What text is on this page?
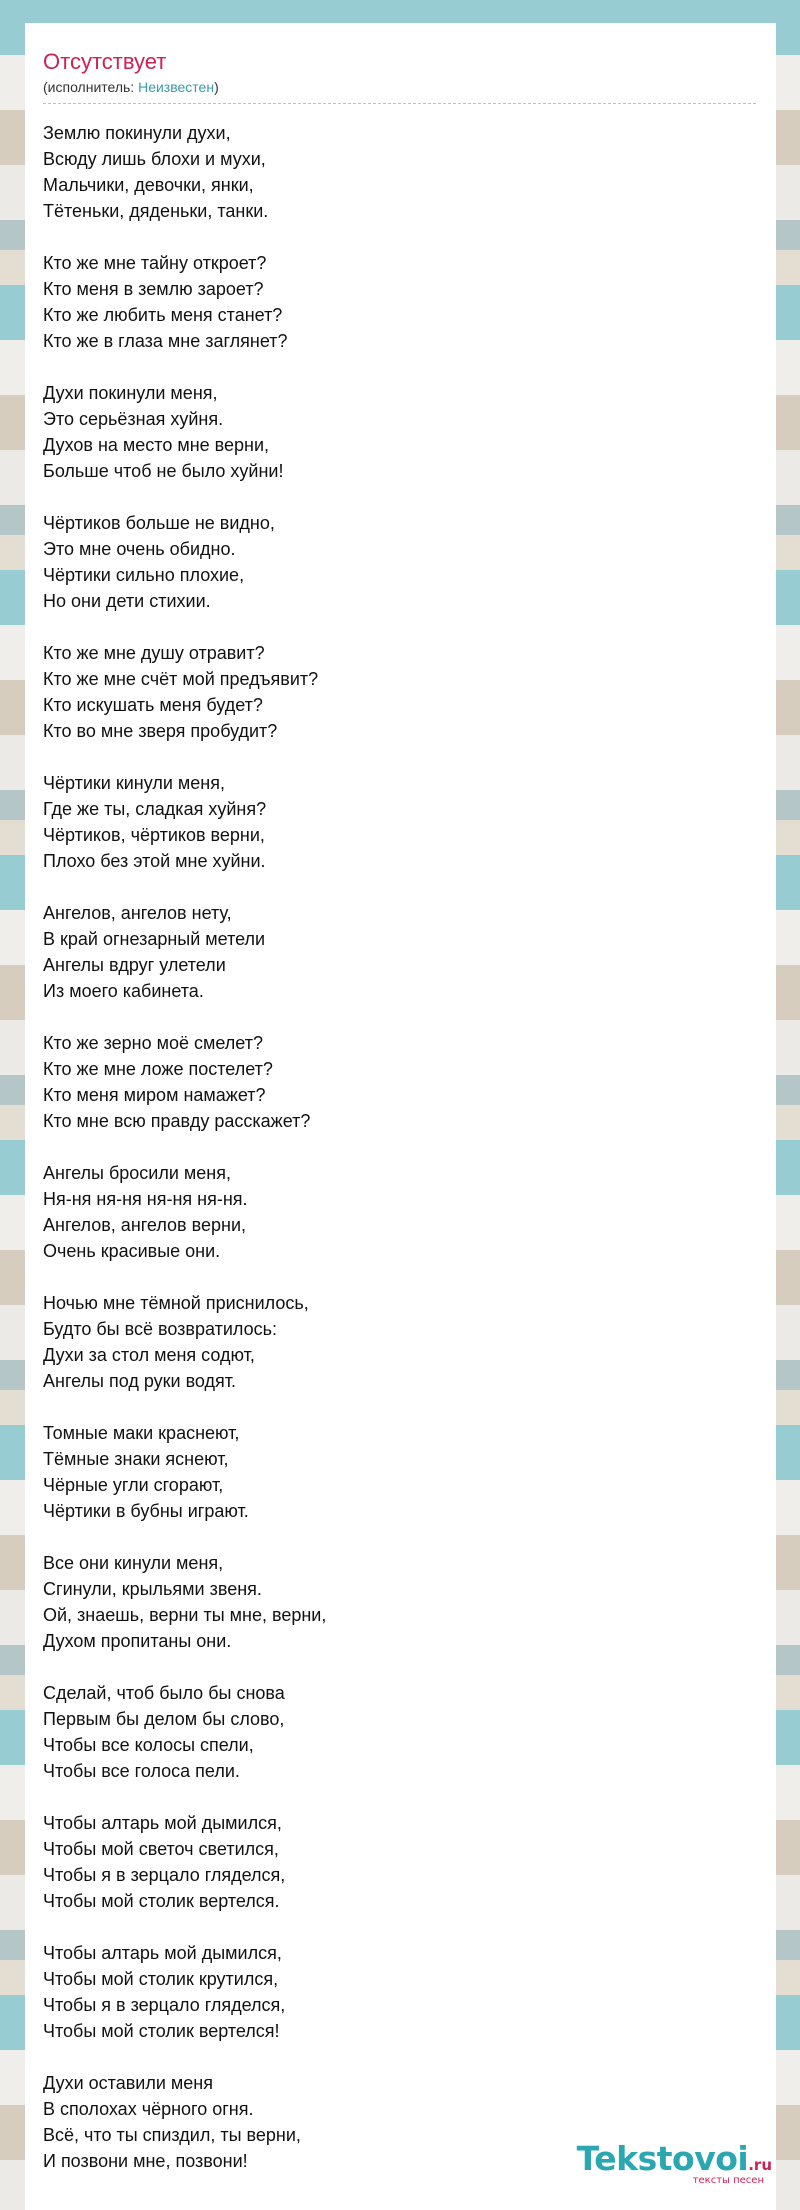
Отсутствует
(исполнитель: Неизвестен)
Землю покинули духи,
Всюду лишь блохи и мухи,
Мальчики, девочки, янки,
Тётеньки, дяденьки, танки.
Кто же мне тайну откроет?
Кто меня в землю зароет?
Кто же любить меня станет?
Кто же в глаза мне заглянет?
Духи покинули меня,
Это серьёзная хуйня.
Духов на место мне верни,
Больше чтоб не было хуйни!
Чёртиков больше не видно,
Это мне очень обидно.
Чёртики сильно плохие,
Но они дети стихии.
Кто же мне душу отравит?
Кто же мне счёт мой предъявит?
Кто искушать меня будет?
Кто во мне зверя пробудит?
Чёртики кинули меня,
Где же ты, сладкая хуйня?
Чёртиков, чёртиков верни,
Плохо без этой мне хуйни.
Ангелов, ангелов нету,
В край огнезарный метели
Ангелы вдруг улетели
Из моего кабинета.
Кто же зерно моё смелет?
Кто же мне ложе постелет?
Кто меня миром намажет?
Кто мне всю правду расскажет?
Ангелы бросили меня,
Ня-ня ня-ня ня-ня ня-ня.
Ангелов, ангелов верни,
Очень красивые они.
Ночью мне тёмной приснилось,
Будто бы всё возвратилось:
Духи за стол меня содют,
Ангелы под руки водят.
Томные маки краснеют,
Тёмные знаки яснеют,
Чёрные угли сгорают,
Чёртики в бубны играют.
Все они кинули меня,
Сгинули, крыльями звеня.
Ой, знаешь, верни ты мне, верни,
Духом пропитаны они.
Сделай, чтоб было бы снова
Первым бы делом бы слово,
Чтобы все колосы спели,
Чтобы все голоса пели.
Чтобы алтарь мой дымился,
Чтобы мой светоч светился,
Чтобы я в зерцало гляделся,
Чтобы мой столик вертелся.
Чтобы алтарь мой дымился,
Чтобы мой столик крутился,
Чтобы я в зерцало гляделся,
Чтобы мой столик вертелся!
Духи оставили меня
В сполохах чёрного огня.
Всё, что ты спиздил, ты верни,
И позвони мне, позвони!	Tekstovoi.ru
тексты песен
